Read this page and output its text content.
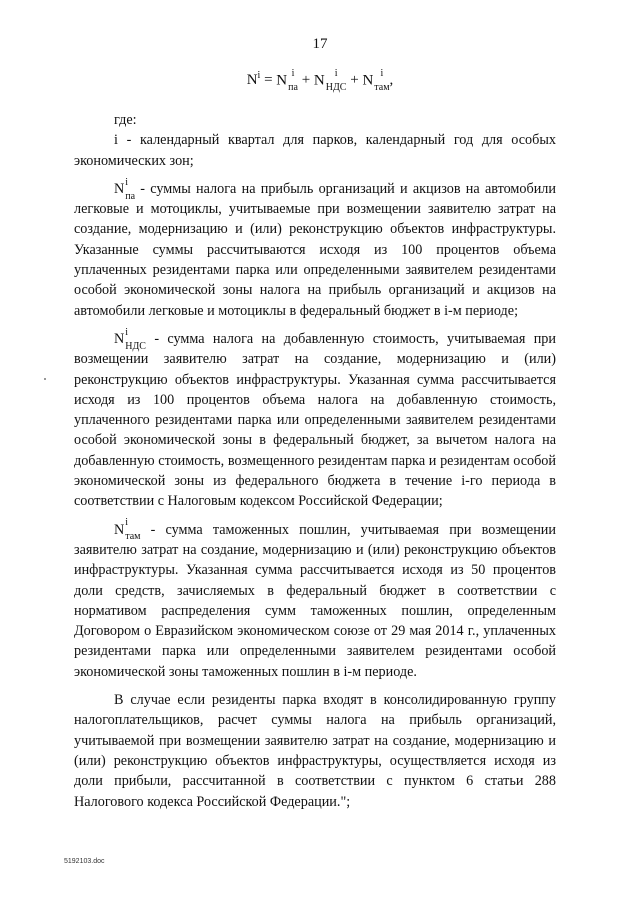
17
$N^i = N$ i
па + N i
НДС + N i
там ,

где:

i - календарный квартал для парков, календарный год для особых экономических зон;

N i
па - суммы налога на прибыль организаций и акцизов на автомобили легковые и мотоциклы, учитываемые при возмещении заявителю затрат на создание, модернизацию и (или) реконструкцию объектов инфраструктуры. Указанные суммы рассчитываются исходя из 100 процентов объема уплаченных резидентами парка или определенными заявителем резидентами особой экономической зоны налога на прибыль организаций и акцизов на автомобили легковые и мотоциклы в федеральный бюджет в i-м периоде;

N i
НДС - сумма налога на добавленную стоимость, учитываемая при возмещении заявителю затрат на создание, модернизацию и (или) реконструкцию объектов инфраструктуры. Указанная сумма рассчитывается исходя из 100 процентов объема налога на добавленную стоимость, уплаченного резидентами парка или определенными заявителем резидентами особой экономической зоны в федеральный бюджет, за вычетом налога на добавленную стоимость, возмещенного резидентам парка и резидентам особой экономической зоны из федерального бюджета в течение i-го периода в соответствии с Налоговым кодексом Российской Федерации;

N i
там - сумма таможенных пошлин, учитываемая при возмещении заявителю затрат на создание, модернизацию и (или) реконструкцию объектов инфраструктуры. Указанная сумма рассчитывается исходя из 50 процентов доли средств, зачисляемых в федеральный бюджет в соответствии с нормативом распределения сумм таможенных пошлин, определенным Договором о Евразийском экономическом союзе от 29 мая 2014 г., уплаченных резидентами парка или определенными заявителем резидентами особой экономической зоны таможенных пошлин в i-м периоде.

В случае если резиденты парка входят в консолидированную группу налогоплательщиков, расчет суммы налога на прибыль организаций, учитываемой при возмещении заявителю затрат на создание, модернизацию и (или) реконструкцию объектов инфраструктуры, осуществляется исходя из доли прибыли, рассчитанной в соответствии с пунктом 6 статьи 288 Налогового кодекса Российской Федерации.";

5192103.doc
